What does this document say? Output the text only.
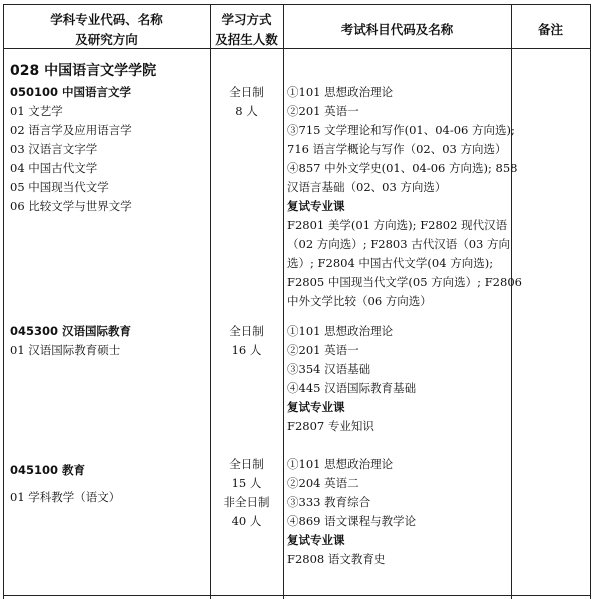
学科专业代码、名称
及研究方向
学习方式
及招生人数
考试科目代码及名称	备注
028 中国语言文学学院
050100 中国语言文学
01 文艺学
02 语言学及应用语言学
03 汉语言文字学
04 中国古代文学
05 中国现当代文学
06 比较文学与世界文学
全日制
8 人
①101 思想政治理论
②201 英语一
③715 文学理论和写作(01、04-06 方向选);
716 语言学概论与写作（02、03 方向选）
④857 中外文学史(01、04-06 方向选); 858
汉语言基础（02、03 方向选）
复试专业课
F2801 美学(01 方向选); F2802 现代汉语
（02 方向选）; F2803 古代汉语（03 方向
选）; F2804 中国古代文学(04 方向选);
F2805 中国现当代文学(05 方向选）; F2806
中外文学比较（06 方向选）
045300 汉语国际教育
01 汉语国际教育硕士
全日制
16 人
①101 思想政治理论
②201 英语一
③354 汉语基础
④445 汉语国际教育基础
复试专业课
F2807 专业知识
045100 教育
01 学科教学（语文）
全日制
15 人
非全日制
40 人
①101 思想政治理论
②204 英语二
③333 教育综合
④869 语文课程与教学论
复试专业课
F2808 语文教育史
